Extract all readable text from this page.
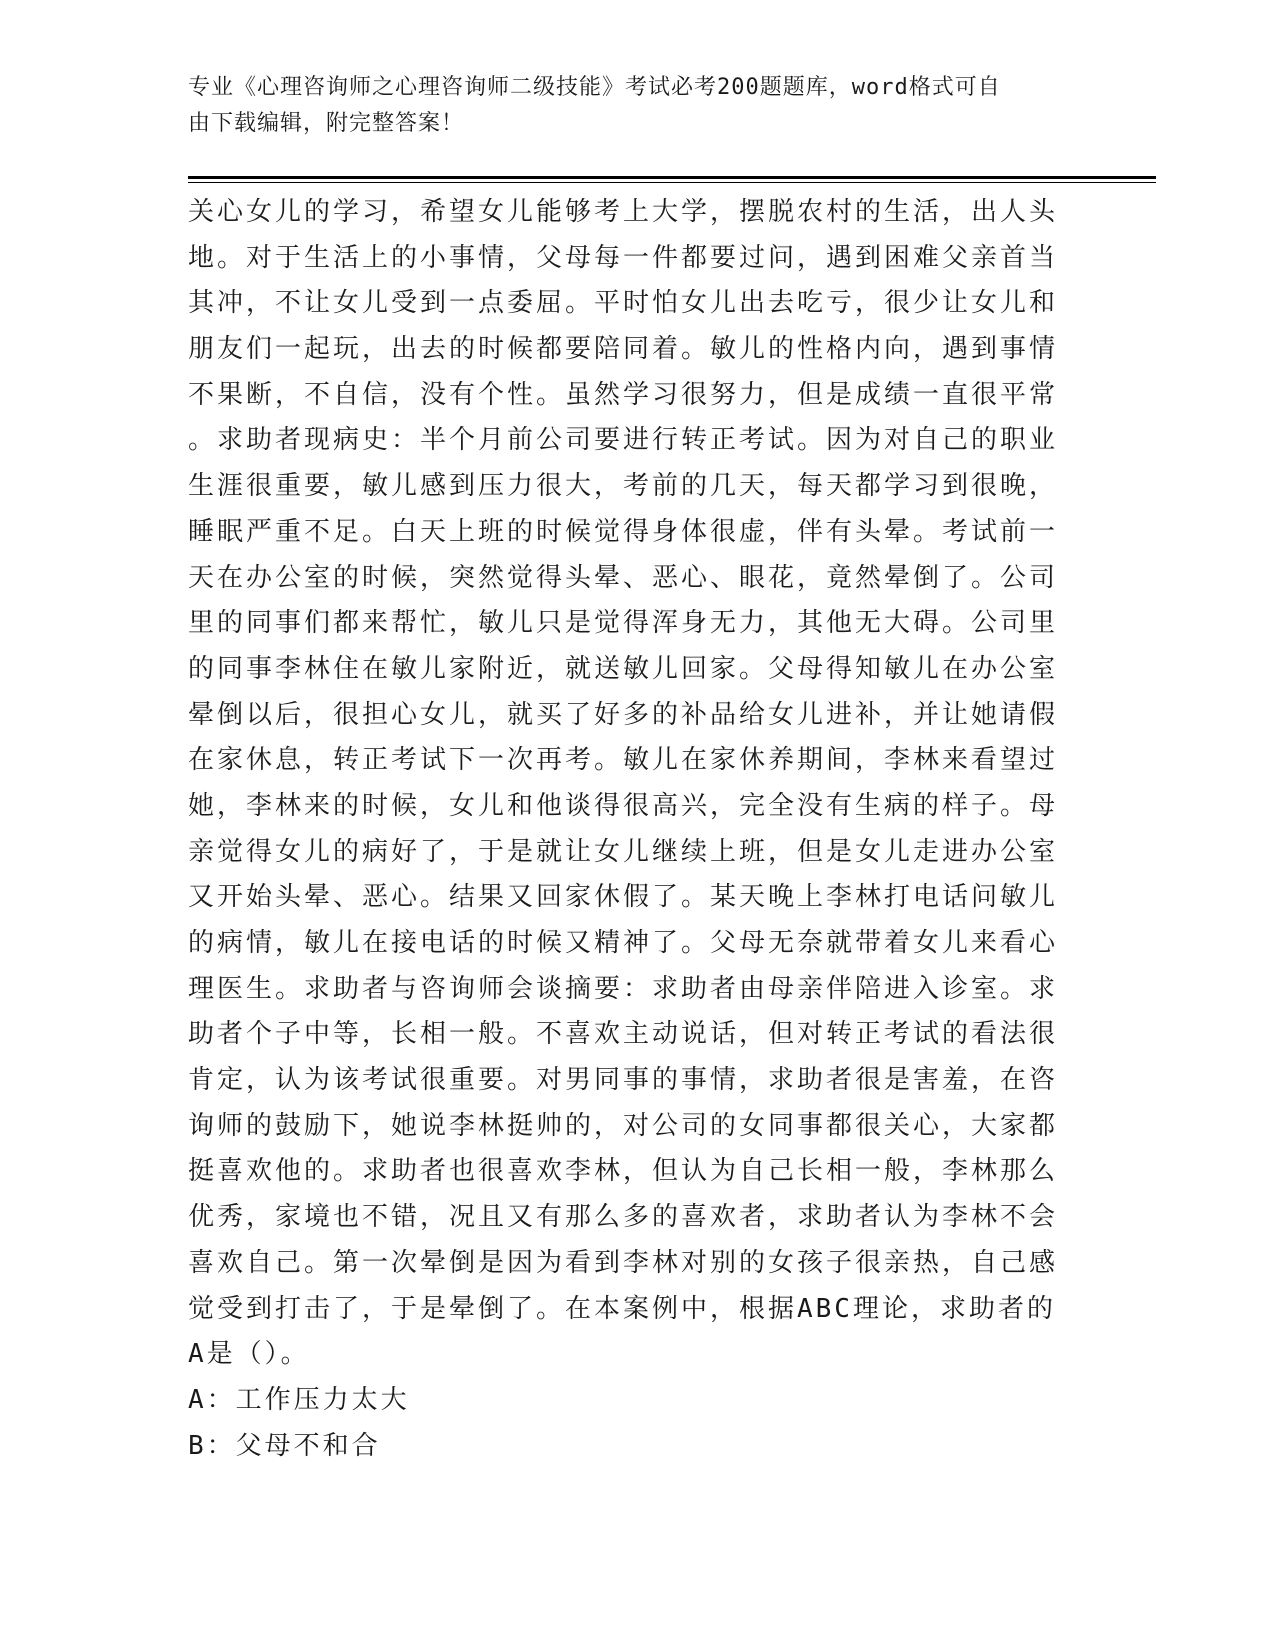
专业《心理咨询师之心理咨询师二级技能》考试必考200题题库，word格式可自
由下载编辑，附完整答案！
关心女儿的学习，希望女儿能够考上大学，摆脱农村的生活，出人头
地。对于生活上的小事情，父母每一件都要过问，遇到困难父亲首当
其冲，不让女儿受到一点委屈。平时怕女儿出去吃亏，很少让女儿和
朋友们一起玩，出去的时候都要陪同着。敏儿的性格内向，遇到事情
不果断，不自信，没有个性。虽然学习很努力，但是成绩一直很平常
。求助者现病史：半个月前公司要进行转正考试。因为对自己的职业
生涯很重要，敏儿感到压力很大，考前的几天，每天都学习到很晚，
睡眠严重不足。白天上班的时候觉得身体很虚，伴有头晕。考试前一
天在办公室的时候，突然觉得头晕、恶心、眼花，竟然晕倒了。公司
里的同事们都来帮忙，敏儿只是觉得浑身无力，其他无大碍。公司里
的同事李林住在敏儿家附近，就送敏儿回家。父母得知敏儿在办公室
晕倒以后，很担心女儿，就买了好多的补品给女儿进补，并让她请假
在家休息，转正考试下一次再考。敏儿在家休养期间，李林来看望过
她，李林来的时候，女儿和他谈得很高兴，完全没有生病的样子。母
亲觉得女儿的病好了，于是就让女儿继续上班，但是女儿走进办公室
又开始头晕、恶心。结果又回家休假了。某天晚上李林打电话问敏儿
的病情，敏儿在接电话的时候又精神了。父母无奈就带着女儿来看心
理医生。求助者与咨询师会谈摘要：求助者由母亲伴陪进入诊室。求
助者个子中等，长相一般。不喜欢主动说话，但对转正考试的看法很
肯定，认为该考试很重要。对男同事的事情，求助者很是害羞，在咨
询师的鼓励下，她说李林挺帅的，对公司的女同事都很关心，大家都
挺喜欢他的。求助者也很喜欢李林，但认为自己长相一般，李林那么
优秀，家境也不错，况且又有那么多的喜欢者，求助者认为李林不会
喜欢自己。第一次晕倒是因为看到李林对别的女孩子很亲热，自己感
觉受到打击了，于是晕倒了。在本案例中，根据ABC理论，求助者的
A是（）。
A：工作压力太大
B：父母不和合
